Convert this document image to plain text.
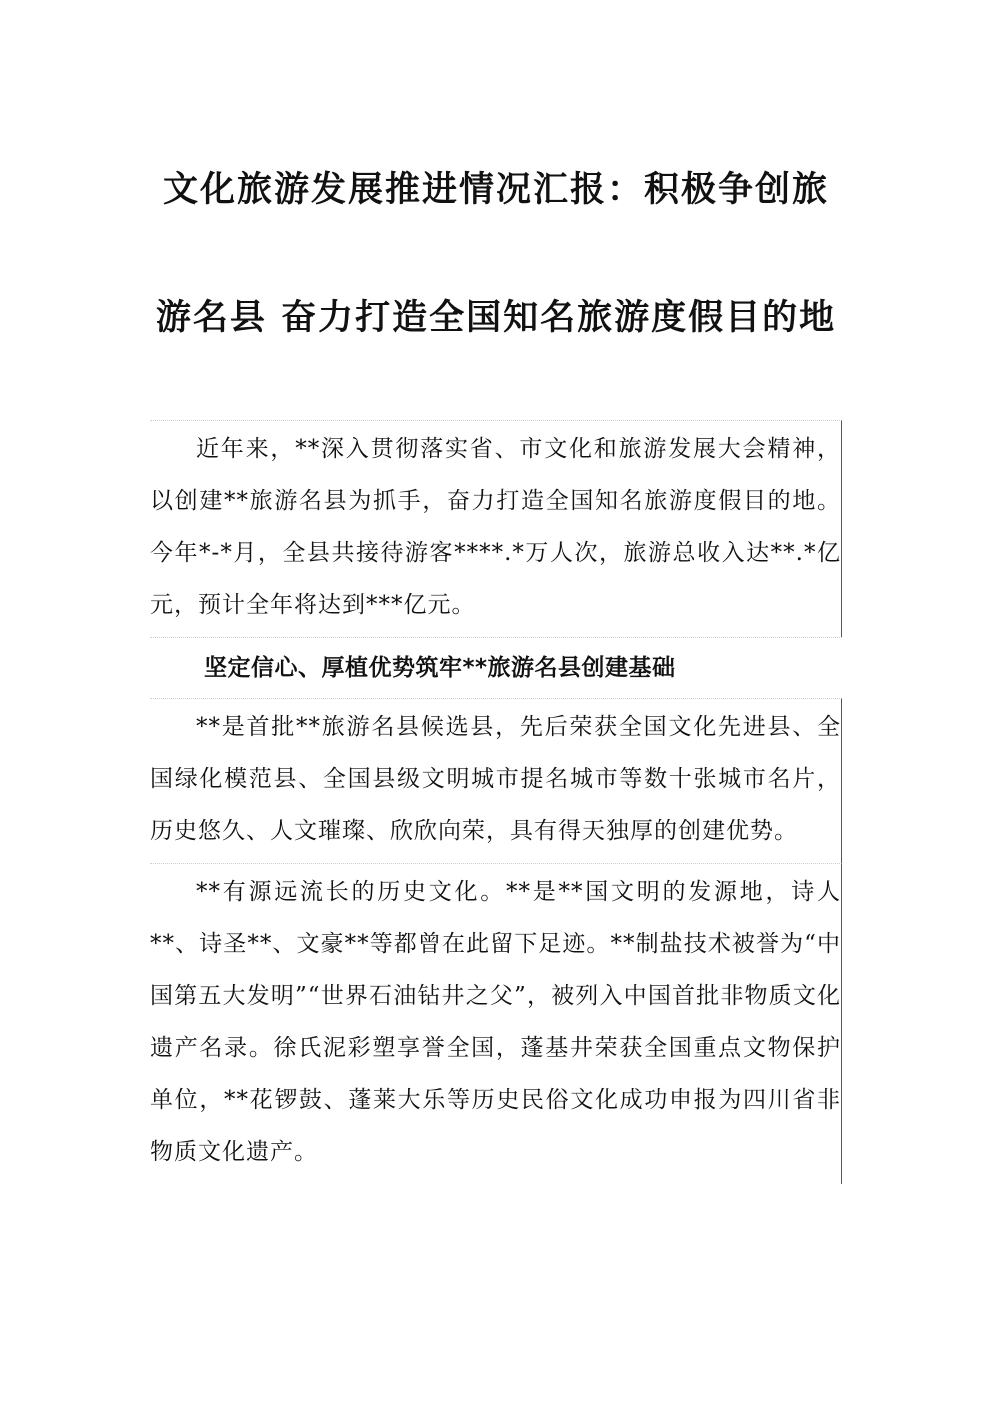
文化旅游发展推进情况汇报：积极争创旅
游名县 奋力打造全国知名旅游度假目的地

近年来，**深入贯彻落实省、市文化和旅游发展大会精神，以创建**旅游名县为抓手，奋力打造全国知名旅游度假目的地。今年*-*月，全县共接待游客****.*万人次，旅游总收入达**.*亿元，预计全年将达到***亿元。

坚定信心、厚植优势筑牢**旅游名县创建基础

**是首批**旅游名县候选县，先后荣获全国文化先进县、全国绿化模范县、全国县级文明城市提名城市等数十张城市名片，历史悠久、人文璀璨、欣欣向荣，具有得天独厚的创建优势。

**有源远流长的历史文化。**是**国文明的发源地，诗人**、诗圣**、文豪**等都曾在此留下足迹。**制盐技术被誉为“中国第五大发明”“世界石油钻井之父”，被列入中国首批非物质文化遗产名录。徐氏泥彩塑享誉全国，蓬基井荣获全国重点文物保护单位，**花锣鼓、蓬莱大乐等历史民俗文化成功申报为四川省非物质文化遗产。
